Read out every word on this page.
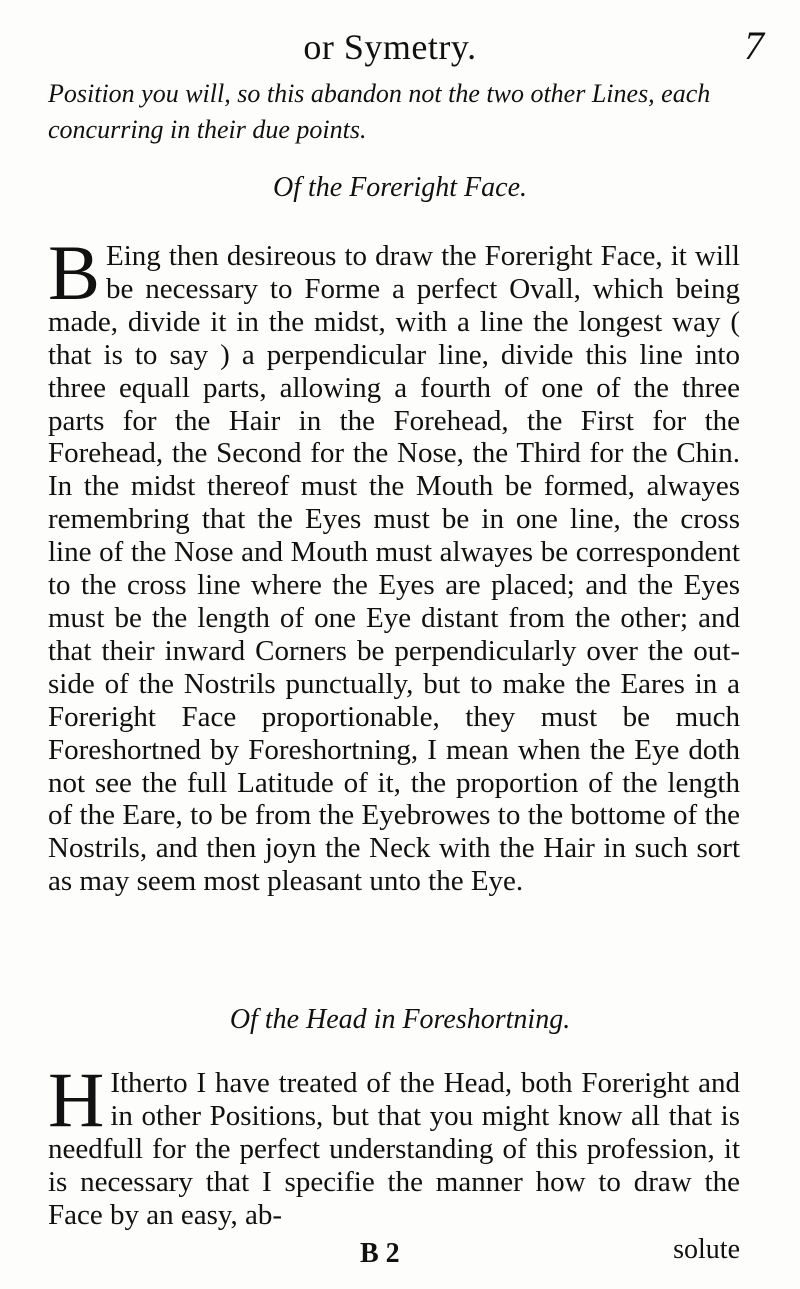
or Symetry.	7
Position you will, so this abandon not the two other Lines, each concurring in their due points.
Of the Foreright Face.
B Eing then desireous to draw the Foreright Face, it will be necessary to Forme a perfect Ovall, which being made, divide it in the midst, with a line the longest way ( that is to say ) a perpendicular line, divide this line into three equall parts, allowing a fourth of one of the three parts for the Hair in the Forehead, the First for the Forehead, the Second for the Nose, the Third for the Chin. In the midst thereof must the Mouth be formed, alwayes remembring that the Eyes must be in one line, the cross line of the Nose and Mouth must alwayes be correspondent to the cross line where the Eyes are placed; and the Eyes must be the length of one Eye distant from the other; and that their inward Corners be perpendicularly over the out-side of the Nostrils punctually, but to make the Eares in a Foreright Face proportionable, they must be much Foreshortned by Foreshortning, I mean when the Eye doth not see the full Latitude of it, the proportion of the length of the Eare, to be from the Eyebrowes to the bottome of the Nostrils, and then joyn the Neck with the Hair in such sort as may seem most pleasant unto the Eye.
Of the Head in Foreshortning.
H Itherto I have treated of the Head, both Foreright and in other Positions, but that you might know all that is needfull for the perfect understanding of this profession, it is necessary that I specifie the manner how to draw the Face by an easy, ab-
B 2	solute
